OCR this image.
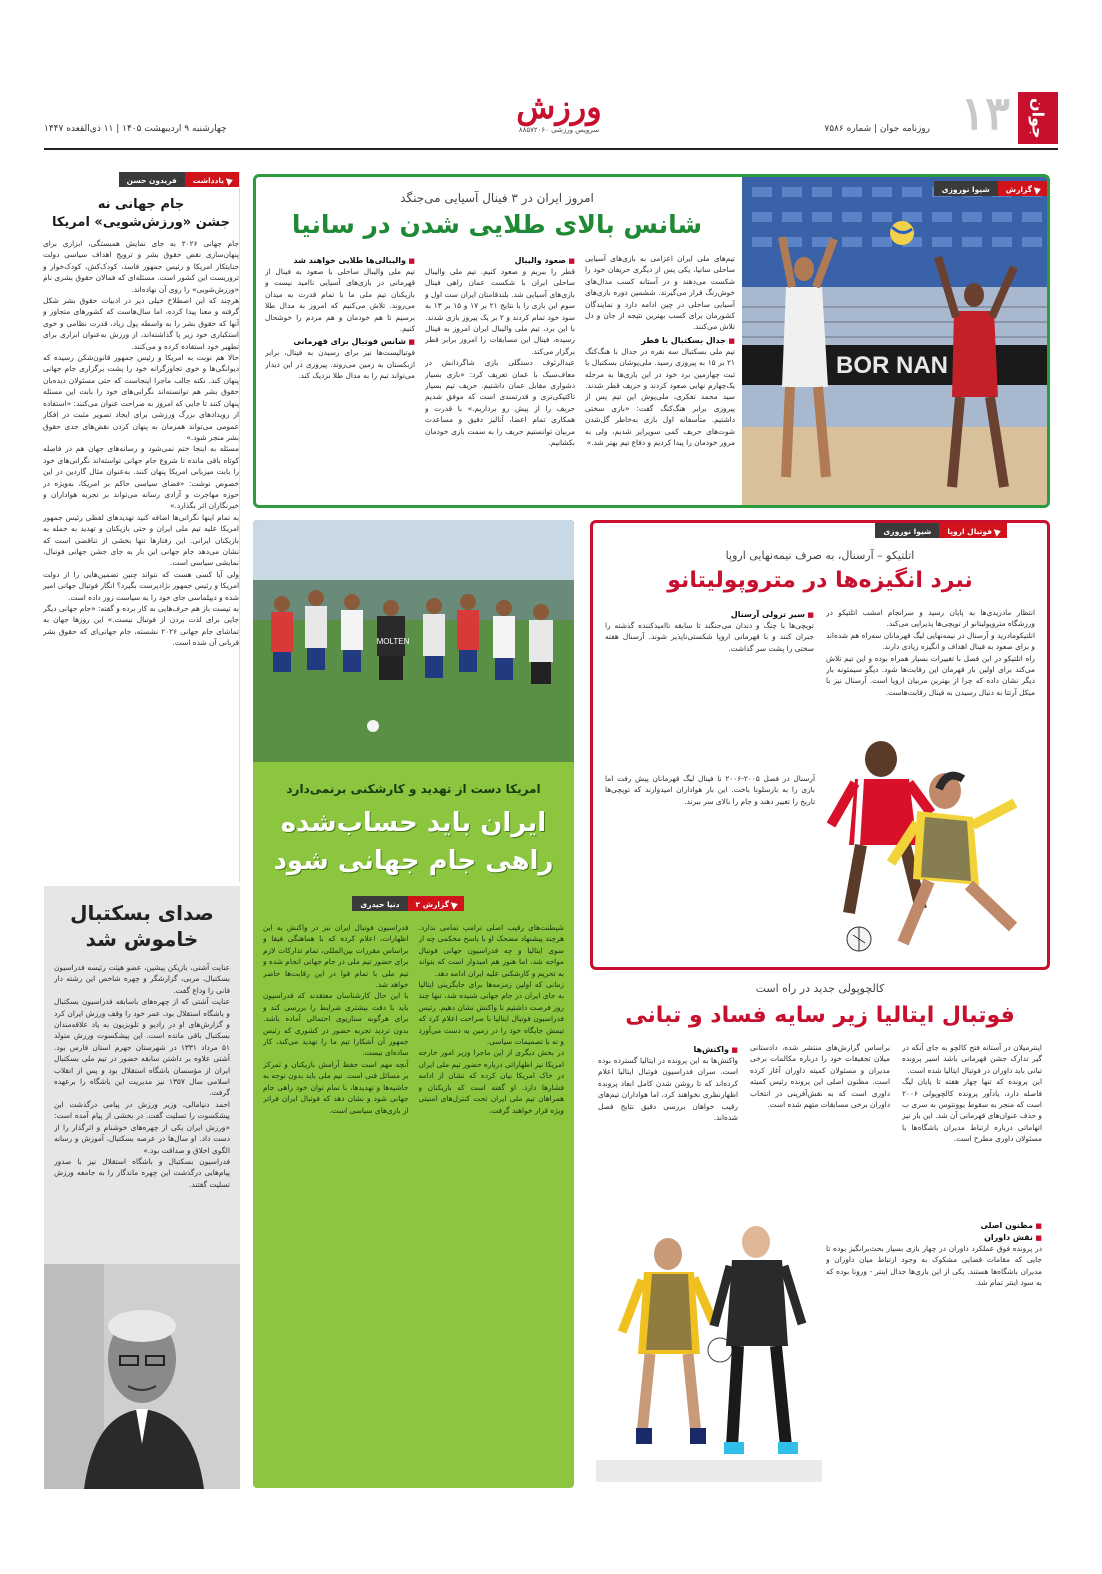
جوان
۱۳
روزنامه جوان | شماره ۷۵۸۶
ورزش
سرویس ورزشی ۸۸۵۷۲۰۶۰
چهارشنبه ۹ اردیبهشت ۱۴۰۵ | ۱۱ ذی‌القعده ۱۴۴۷
یادداشت
فریدون حسن
جام جهانی نه
جشن «ورزش‌شویی» امریکا

جام جهانی ۲۰۲۶ به جای نمایش همبستگی، ابزاری برای پنهان‌سازی نقض حقوق بشر و ترویج اهداف سیاسی دولت جنایتکار امریکا و رئیس جمهور فاسد، کودک‌کش، کودک‌خوار و تروریست این کشور است. مسئله‌ای که فمالان حقوق بشری نام «ورزش‌شویی» را روی آن نهاده‌اند.

هرچند که این اصطلاح خیلی دیر در ادبیات حقوق بشر شکل گرفته و معنا پیدا کرده، اما سال‌هاست که کشورهای متجاوز و آنها که حقوق بشر را به واسطه پول زیاد، قدرت نظامی و خوی استکباری خود زیر پا گذاشته‌اند، از ورزش به‌عنوان ابزاری برای تطهیر خود استفاده کرده و می‌کنند.

حالا هم نوبت به امریکا و رئیس جمهور قانون‌شکن رسیده که دیوانگی‌ها و خوی تجاوزگرانه خود را پشت برگزاری جام جهانی پنهان کند. نکته جالب ماجرا اینجاست که حتی مسئولان دیده‌بان حقوق بشر هم توانسته‌اند نگرانی‌های خود را بابت این مسئله پنهان کنند تا جایی که امروز به صراحت عنوان می‌کنند: «استفاده از رویدادهای بزرگ ورزشی برای ایجاد تصویر مثبت در افکار عمومی می‌تواند همزمان به پنهان کردن نقض‌های جدی حقوق بشر منجر شود.»

مسئله به اینجا ختم نمی‌شود و رسانه‌های جهان هم در فاصله کوتاه باقی مانده تا شروع جام جهانی تواسته‌اند نگرانی‌های خود را بابت میزبانی امریکا پنهان کنند. به‌عنوان مثال گاردین در این خصوص نوشت: «فضای سیاسی حاکم بر امریکا، به‌ویژه در حوزه مهاجرت و آزادی رسانه می‌تواند بر تجربه هواداران و خبرنگاران اثر بگذارد.»

به تمام اینها نگرانی‌ها اضافه کنید تهدیدهای لفظی رئیس جمهور امریکا علیه تیم ملی ایران و حتی بازیکنان و تهدید به حمله به بازیکنان ایرانی. این رفتارها تنها بخشی از تناقضی است که نشان می‌دهد جام جهانی این بار به جای جشن جهانی فوتبال، نمایشی سیاسی است.

ولی آیا کسی هست که نتواند چنین تضمین‌هایی را از دولت امریکا و رئیس جمهور نژادپرست بگیرد؟ انگار فوتبال جهانی امیر شده و دیپلماسی جای خود را به سیاست زور داده است.

به تیست باز هم حرف‌هایی به کار برده و گفته: «جام جهانی دیگر جایی برای لذت بردن از فوتبال نیست.» این روزها جهان به تماشای جام جهانی ۲۰۲۶ نشسته، جام جهانی‌ای که حقوق بشر قربانی آن شده است.

صدای بسکتبال
خاموش شد

عنایت آشتی، بازیکن پیشین، عضو هیئت رئیسه فدراسیون بسکتبال، مربی، گزارشگر و چهره شاخص این رشته دار فانی را وداع گفت.

عنایت آشتی که از چهره‌های باسابقه فدراسیون بسکتبال و باشگاه استقلال بود، عمر خود را وقف ورزش ایران کرد و گزارش‌های او در رادیو و تلویزیون به یاد علاقه‌مندان بسکتبال باقی مانده است. این پیشکسوت ورزش متولد ۵۱ مرداد ۱۳۳۱ در شهرستان جهرم استان فارس بود. آشتی علاوه بر داشتن سابقه حضور در تیم ملی بسکتبال ایران از مؤسسان باشگاه استقلال بود و پس از انقلاب اسلامی سال ۱۳۵۷ نیز مدیریت این باشگاه را برعهده گرفت.

احمد دنیامالی، وزیر ورزش در پیامی درگذشت این پیشکسوت را تسلیت گفت. در بخشی از پیام آمده است: «ورزش ایران یکی از چهره‌های خوشنام و اثرگذار را از دست داد. او سال‌ها در عرصه بسکتبال، آموزش و رسانه الگوی اخلاق و صداقت بود.»

فدراسیون بسکتبال و باشگاه استقلال نیز با صدور پیام‌هایی درگذشت این چهره ماندگار را به جامعه ورزش تسلیت گفتند.

BOR NAN
گزارش
شیوا نوروزی
امروز ایران در ۳ فینال آسیایی می‌جنگد
شانس بالای طلایی شدن در سانیا

تیم‌های ملی ایران اعزامی به بازی‌های آسیایی ساحلی سانیا، یکی پس از دیگری حریفان خود را شکست می‌دهند و در آستانه کسب مدال‌های خوش‌رنگ قرار می‌گیرند. ششمین دوره بازی‌های آسیایی ساحلی در چین ادامه دارد و نمایندگان کشورمان برای کسب بهترین نتیجه از جان و دل تلاش می‌کنند.

■ جدال بسکتبال با قطر

تیم ملی بسکتبال سه نفره در جدال با هنگ‌کنگ ۲۱ بر ۱۵ به پیروزی رسید. ملی‌پوشان بسکتبال با ثبت چهارمین برد خود در این بازی‌ها به مرحله یک‌چهارم نهایی صعود کردند و حریف قطر شدند. سید محمد تفکری، ملی‌پوش این تیم پس از پیروزی برابر هنگ‌کنگ گفت: «بازی سختی داشتیم. متأسفانه اول بازی به‌خاطر گل‌شدن شوت‌های حریف کمی سوپرایز شدیم، ولی به مرور خودمان را پیدا کردیم و دفاع تیم بهتر شد.»

■ صعود والیبال

قطر را ببریم و صعود کنیم. تیم ملی والیبال ساحلی ایران با شکست عمان راهی فینال بازی‌های آسیایی شد. بلندقامتان ایران ست اول و سوم این بازی را با نتایج ۲۱ بر ۱۷ و ۱۵ بر ۱۳ به سود خود تمام کردند و ۲ بر یک پیروز بازی شدند. با این برد، تیم ملی والیبال ایران امروز به فینال رسیده، فینال این مسابقات را امروز برابر قطر برگزار می‌کند.

عبدالرئوف دستگلی بازی شاگردانش در معاف‌سبک با عمان تعریف کرد: «بازی بسیار دشواری مقابل عمان داشتیم. حریف تیم بسیار تاکتیکی‌تری و قدرتمندی است که موفق شدیم حریف را از پیش رو برداریم.» با قدرت و همکاری تمام اعضا، آنالیز دقیق و مساعدت مربیان توانستیم حریف را به سمت بازی خودمان بکشانیم.

■ والیبالی‌ها طلایی خواهند شد

تیم ملی والیبال ساحلی با صعود به فینال از قهرمانی در بازی‌های آسیایی ناامید نیست و بازیکنان تیم ملی ما با تمام قدرت به میدان می‌روند. تلاش می‌کنیم که امروز به مدال طلا برسیم تا هم خودمان و هم مردم را خوشحال کنیم.

■ شانس فوتبال برای قهرمانی

فوتبالیست‌ها نیز برای رسیدن به فینال، برابر ازبکستان به زمین می‌روند. پیروزی در این دیدار می‌تواند تیم را به مدال طلا نزدیک کند.

MOLTEN
امریکا دست از تهدید و کارشکنی برنمی‌دارد
ایران باید حساب‌شده
راهی جام جهانی شود
گزارش ۲
دنیا حیدری

شیطنت‌های رقیب اصلی ترامپ تمامی ندارد. هرچند پیشنهاد مضحک او با پاسخ محکمی چه از سوی ایتالیا و چه فدراسیون جهانی فوتبال مواجه شد، اما هنوز هم امیدوار است که بتواند به تحریم و کارشکنی علیه ایران ادامه دهد.

زمانی که اولین زمزمه‌ها برای جایگزینی ایتالیا به جای ایران در جام جهانی شنیده شد، تنها چند روز فرصت داشتیم تا واکنش نشان دهیم. رئیس فدراسیون فوتبال ایتالیا با صراحت اعلام کرد که تیمش جایگاه خود را در زمین به دست می‌آورد و نه با تصمیمات سیاسی.

در بخش دیگری از این ماجرا وزیر امور خارجه امریکا نیز اظهاراتی درباره حضور تیم ملی ایران در خاک امریکا بیان کرده که نشان از ادامه فشارها دارد. او گفته است که بازیکنان و همراهان تیم ملی ایران تحت کنترل‌های امنیتی ویژه قرار خواهند گرفت.

فدراسیون فوتبال ایران نیز در واکنش به این اظهارات، اعلام کرده که با هماهنگی فیفا و براساس مقررات بین‌المللی، تمام تدارکات لازم برای حضور تیم ملی در جام جهانی انجام شده و تیم ملی با تمام قوا در این رقابت‌ها حاضر خواهد شد.

با این حال کارشناسان معتقدند که فدراسیون باید با دقت بیشتری شرایط را بررسی کند و برای هرگونه سناریوی احتمالی آماده باشد. بدون تردید تجربه حضور در کشوری که رئیس جمهور آن آشکارا تیم ما را تهدید می‌کند، کار ساده‌ای نیست.

آنچه مهم است حفظ آرامش بازیکنان و تمرکز بر مسائل فنی است. تیم ملی باید بدون توجه به حاشیه‌ها و تهدیدها، با تمام توان خود راهی جام جهانی شود و نشان دهد که فوتبال ایران فراتر از بازی‌های سیاسی است.

فوتبال اروپا
شیوا نوروزی
اتلتیکو – آرسنال، به صرف نیمه‌نهایی اروپا
نبرد انگیزه‌ها در متروپولیتانو

انتظار مادریدی‌ها به پایان رسید و سرانجام امشب اتلتیکو در ورزشگاه متروپولیتانو از توپچی‌ها پذیرایی می‌کند.

اتلتیکومادرید و آرسنال در نیمه‌نهایی لیگ قهرمانان سه‌راه هم شده‌اند و برای صعود به فینال اهداف و انگیزه زیادی دارند.

راه اتلتیکو در این فصل با تغییرات بسیار همراه بوده و این تیم تلاش می‌کند برای اولین بار قهرمان این رقابت‌ها شود. دیگو سیمئونه بار دیگر نشان داده که چرا از بهترین مربیان اروپا است. آرسنال نیز با میکل آرتتا به دنبال رسیدن به فینال رقابت‌هاست.

■ سیر تزولی آرسنال

توپچی‌ها با چنگ و دندان می‌جنگند تا سابقه ناامیدکننده گذشته را جبران کنند و با قهرمانی اروپا شکستی‌ناپذیر شوند. آرسنال هفته سختی را پشت سر گذاشت.

آرسنال در فصل ۲۰۰۵-۲۰۰۶ تا فینال لیگ قهرمانان پیش رفت اما بازی را به بارسلونا باخت. این بار هواداران امیدوارند که توپچی‌ها تاریخ را تغییر دهند و جام را بالای سر ببرند.

کالچوپولی جدید در راه است
فوتبال ایتالیا زیر سایه فساد و تبانی

اینترمیلان در آستانه فتح کالچو به جای آنکه در گیر تدارک جشن قهرمانی باشد اسیر پرونده تبانی باید داوران در فوتبال ایتالیا شده است.

این پرونده که تنها چهار هفته تا پایان لیگ فاصله دارد، یادآور پرونده کالچوپولی ۲۰۰۶ است که منجر به سقوط یوونتوس به سری ب و حذف عنوان‌های قهرمانی آن شد. این بار نیز اتهاماتی درباره ارتباط مدیران باشگاه‌ها با مسئولان داوری مطرح است.

براساس گزارش‌های منتشر شده، دادستانی میلان تحقیقات خود را درباره مکالمات برخی مدیران و مسئولان کمیته داوران آغاز کرده است. مظنون اصلی این پرونده رئیس کمیته داوری است که به نقش‌آفرینی در انتخاب داوران برخی مسابقات متهم شده است.

■ واکنش‌ها

واکنش‌ها به این پرونده در ایتالیا گسترده بوده است. سران فدراسیون فوتبال ایتالیا اعلام کرده‌اند که تا روشن شدن کامل ابعاد پرونده اظهارنظری نخواهند کرد، اما هواداران تیم‌های رقیب خواهان بررسی دقیق نتایج فصل شده‌اند.

■ مظنون اصلی
■ نقش داوران

در پرونده فوق عملکرد داوران در چهار بازی بسیار بحث‌برانگیز بوده تا جایی که مقامات قضایی مشکوک به وجود ارتباط میان داوران و مدیران باشگاه‌ها هستند. یکی از این بازی‌ها جدال اینتر - ورونا بوده که به سود اینتر تمام شد.
